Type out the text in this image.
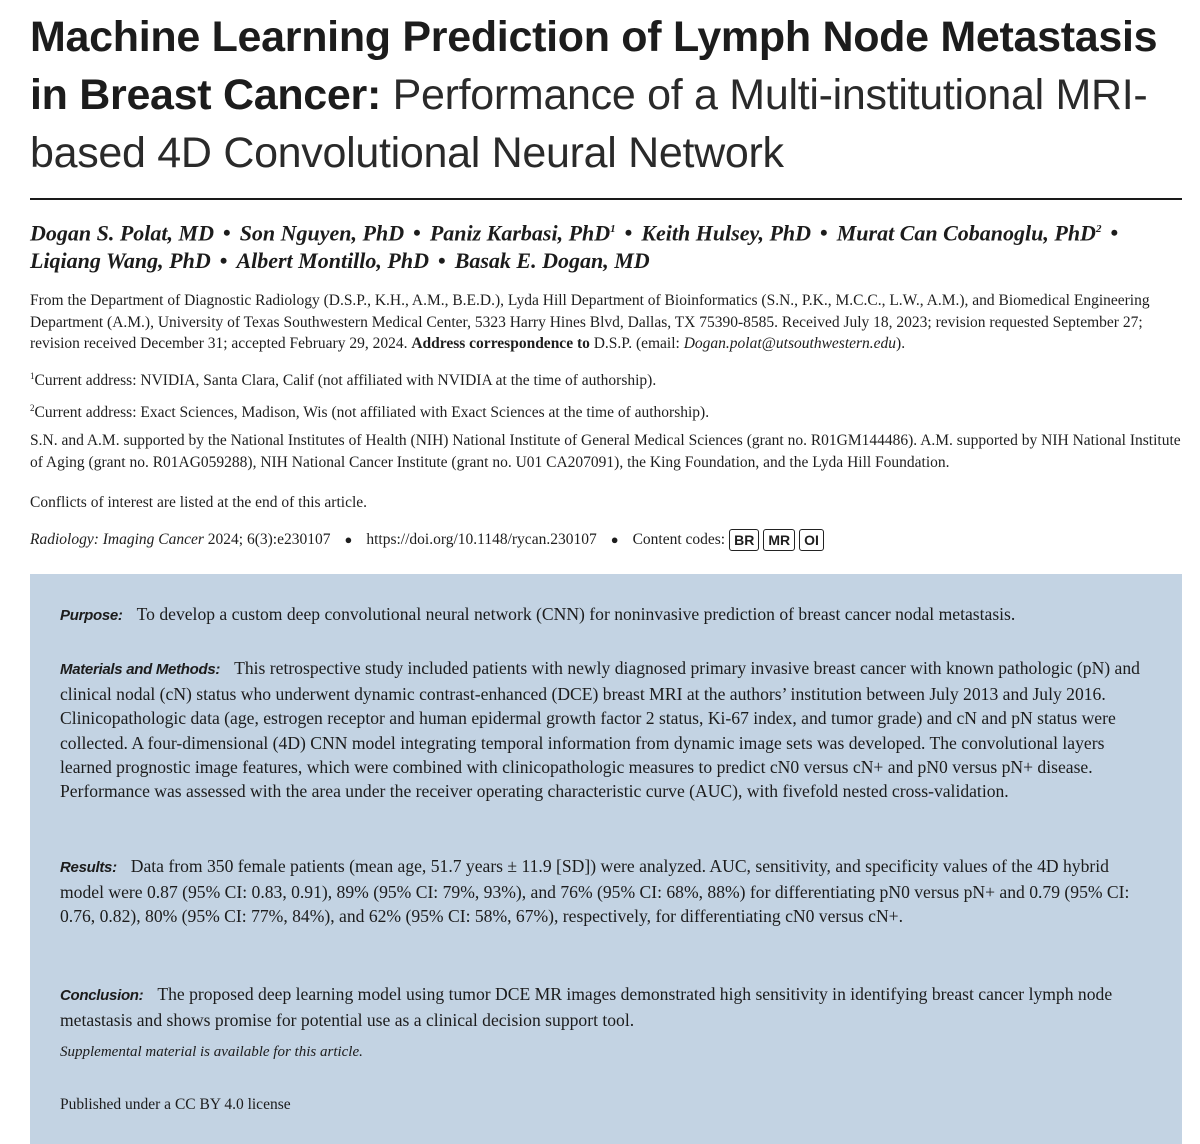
Machine Learning Prediction of Lymph Node Metastasis in Breast Cancer: Performance of a Multi-institutional MRI-based 4D Convolutional Neural Network
Dogan S. Polat, MD • Son Nguyen, PhD • Paniz Karbasi, PhD$^1$ • Keith Hulsey, PhD • Murat Can Cobanoglu, PhD$^2$ •
Liqiang Wang, PhD • Albert Montillo, PhD • Basak E. Dogan, MD
From the Department of Diagnostic Radiology (D.S.P., K.H., A.M., B.E.D.), Lyda Hill Department of Bioinformatics (S.N., P.K., M.C.C., L.W., A.M.), and Biomedical Engineering Department (A.M.), University of Texas Southwestern Medical Center, 5323 Harry Hines Blvd, Dallas, TX 75390-8585. Received July 18, 2023; revision requested September 27; revision received December 31; accepted February 29, 2024. Address correspondence to D.S.P. (email: Dogan.polat@utsouthwestern.edu).
$^1$Current address: NVIDIA, Santa Clara, Calif (not affiliated with NVIDIA at the time of authorship).
$^2$Current address: Exact Sciences, Madison, Wis (not affiliated with Exact Sciences at the time of authorship).
S.N. and A.M. supported by the National Institutes of Health (NIH) National Institute of General Medical Sciences (grant no. R01GM144486). A.M. supported by NIH National Institute of Aging (grant no. R01AG059288), NIH National Cancer Institute (grant no. U01 CA207091), the King Foundation, and the Lyda Hill Foundation.
Conflicts of interest are listed at the end of this article.
Radiology: Imaging Cancer 2024; 6(3):e230107 ● https://doi.org/10.1148/rycan.230107 ● Content codes: BR	MR	OI
Purpose: To develop a custom deep convolutional neural network (CNN) for noninvasive prediction of breast cancer nodal metastasis.
Materials and Methods: This retrospective study included patients with newly diagnosed primary invasive breast cancer with known pathologic (pN) and clinical nodal (cN) status who underwent dynamic contrast-enhanced (DCE) breast MRI at the authors’ institution between July 2013 and July 2016. Clinicopathologic data (age, estrogen receptor and human epidermal growth factor 2 status, Ki-67 index, and tumor grade) and cN and pN status were collected. A four-dimensional (4D) CNN model integrating temporal information from dynamic image sets was developed. The convolutional layers learned prognostic image features, which were combined with clinicopathologic measures to predict cN0 versus cN+ and pN0 versus pN+ disease. Performance was assessed with the area under the receiver operating characteristic curve (AUC), with fivefold nested cross-validation.
Results: Data from 350 female patients (mean age, 51.7 years ± 11.9 [SD]) were analyzed. AUC, sensitivity, and specificity values of the 4D hybrid model were 0.87 (95% CI: 0.83, 0.91), 89% (95% CI: 79%, 93%), and 76% (95% CI: 68%, 88%) for differentiating pN0 versus pN+ and 0.79 (95% CI: 0.76, 0.82), 80% (95% CI: 77%, 84%), and 62% (95% CI: 58%, 67%), respectively, for differentiating cN0 versus cN+.
Conclusion: The proposed deep learning model using tumor DCE MR images demonstrated high sensitivity in identifying breast cancer lymph node metastasis and shows promise for potential use as a clinical decision support tool.
Supplemental material is available for this article.
Published under a CC BY 4.0 license
